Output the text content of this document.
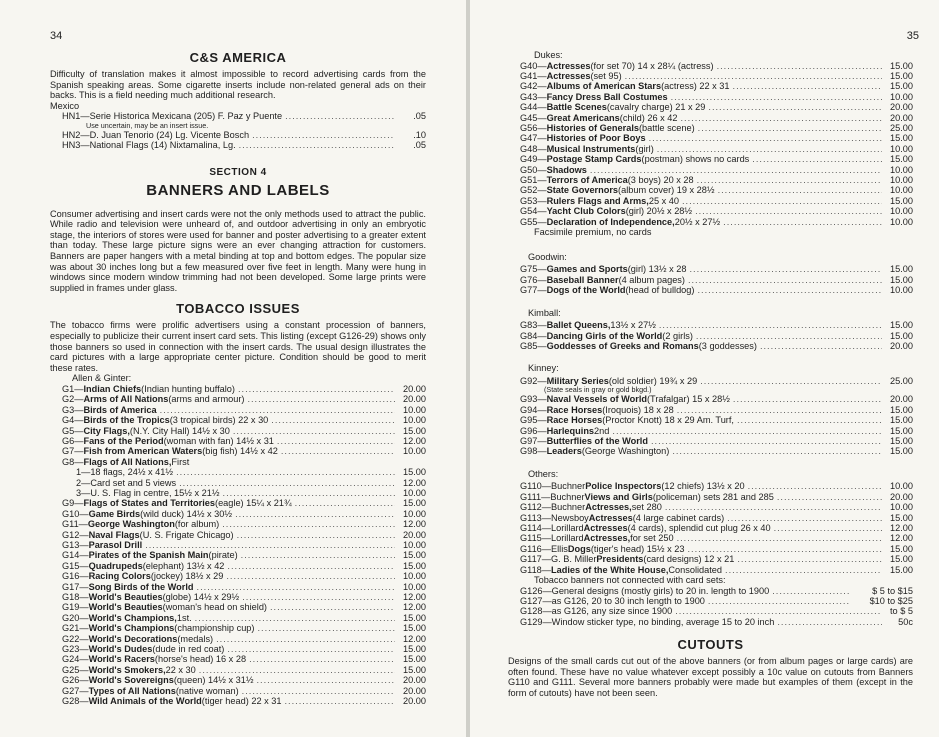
34
C&S AMERICA

Difficulty of translation makes it almost impossible to record advertising cards from the Spanish speaking areas. Some cigarette inserts include non-related general ads on their backs. This is a field needing much additional research.

Mexico
HN1— Serie Historica Mexicana (205) F. Paz y Puente .....	.05
Use uncertain, may be an insert issue.
HN2— D. Juan Tenorio (24) Lg. Vicente Bosch .....	.10
HN3— National Flags (14) Nixtamalina, Lg. .....	.05
SECTION 4
BANNERS AND LABELS

Consumer advertising and insert cards were not the only methods used to attract the public. While radio and television were unheard of, and outdoor advertising in only an embryotic stage, the interiors of stores were used for banner and poster advertising to a greater extent than today. These large picture signs were an ever changing attraction for customers. Banners are paper hangers with a metal binding at top and bottom edges. The popular size was about 30 inches long but a few measured over five feet in length. Many were hung in windows since modern window trimming had not been developed. Some large prints were supplied in frames under glass.

TOBACCO ISSUES

The tobacco firms were prolific advertisers using a constant procession of banners, especially to publicize their current insert card sets. This listing (except G126-29) shows only those banners so used in connection with the insert cards. The usual design illustrates the card pictures with a large appropriate center picture. Condition should be good to merit these rates.

Allen & Ginter:
G1— Indian Chiefs (Indian hunting buffalo) .....	20.00
G2— Arms of All Nations (arms and armour) .....	20.00
G3— Birds of America .....	10.00
G4— Birds of the Tropics (3 tropical birds) 22 x 30 .....	10.00
G5— City Flags, (N.Y. City Hall) 14½ x 30 .....	15.00
G6— Fans of the Period (woman with fan) 14½ x 31 .....	12.00
G7— Fish from American Waters (big fish) 14½ x 42 .....	10.00
G8— Flags of All Nations, First
1— 18 flags, 24½ x 41½ .....	15.00
2— Card set and 5 views .....	12.00
3— U. S. Flag in centre, 15½ x 21½ .....	10.00
G9— Flags of States and Territories (eagle) 15¼ x 21¾ .....	15.00
G10— Game Birds (wild duck) 14½ x 30½ .....	10.00
G11— George Washington (for album) .....	12.00
G12— Naval Flags (U. S. Frigate Chicago) .....	20.00
G13— Parasol Drill .....	10.00
G14— Pirates of the Spanish Main (pirate) .....	15.00
G15— Quadrupeds (elephant) 13½ x 42 .....	15.00
G16— Racing Colors (jockey) 18½ x 29 .....	10.00
G17— Song Birds of the World .....	10.00
G18— World's Beauties (globe) 14½ x 29½ .....	12.00
G19— World's Beauties (woman's head on shield) .....	12.00
G20— World's Champions, 1st. .....	15.00
G21— World's Champions (championship cup) .....	15.00
G22— World's Decorations (medals) .....	12.00
G23— World's Dudes (dude in red coat) .....	15.00
G24— World's Racers (horse's head) 16 x 28 .....	15.00
G25— World's Smokers, 22 x 30 .....	15.00
G26— World's Sovereigns (queen) 14½ x 31½ .....	20.00
G27— Types of All Nations (native woman) .....	20.00
G28— Wild Animals of the World (tiger head) 22 x 31 .....	20.00
35
Dukes:
G40— Actresses (for set 70) 14 x 28¼ (actress) .....	15.00
G41— Actresses (set 95) .....	15.00
G42— Albums of American Stars (actress) 22 x 31 .....	15.00
G43— Fancy Dress Ball Costumes .....	10.00
G44— Battle Scenes (cavalry charge) 21 x 29 .....	20.00
G45— Great Americans (child) 26 x 42 .....	20.00
G56— Histories of Generals (battle scene) .....	25.00
G47— Histories of Poor Boys .....	15.00
G48— Musical Instruments (girl) .....	10.00
G49— Postage Stamp Cards (postman) shows no cards .....	15.00
G50— Shadows .....	10.00
G51— Terrors of America (3 boys) 20 x 28 .....	10.00
G52— State Governors (album cover) 19 x 28½ .....	10.00
G53— Rulers Flags and Arms, 25 x 40 .....	15.00
G54— Yacht Club Colors (girl) 20½ x 28½ .....	10.00
G55— Declaration of Independence, 20½ x 27½ .....	10.00
Facsimile premium, no cards
Goodwin:
G75— Games and Sports (girl) 13½ x 28 .....	15.00
G76— Baseball Banner (4 album pages) .....	15.00
G77— Dogs of the World (head of bulldog) .....	10.00
Kimball:
G83— Ballet Queens, 13½ x 27½ .....	15.00
G84— Dancing Girls of the World (2 girls) .....	15.00
G85— Goddesses of Greeks and Romans (3 goddesses) .....	20.00
Kinney:
G92— Military Series (old soldier) 19¾ x 29 .....	25.00
(State seals in gray or gold bkgd.)
G93— Naval Vessels of World (Trafalgar) 15 x 28½ .....	20.00
G94— Race Horses (Iroquois) 18 x 28 .....	15.00
G95— Race Horses (Proctor Knott) 18 x 29 Am. Turf, .....	15.00
G96— Harlequins 2nd .....	15.00
G97— Butterflies of the World .....	15.00
G98— Leaders (George Washington) .....	15.00
Others:
G110— Buchner Police Inspectors (12 chiefs) 13½ x 20 .....	10.00
G111— Buchner Views and Girls (policeman) sets 281 and 285 .....	20.00
G112— Buchner Actresses, set 280 .....	10.00
G113— Newsboy Actresses (4 large cabinet cards) .....	15.00
G114— Lorillard Actresses (4 cards), splendid cut plug 26 x 40 .....	12.00
G115— Lorillard Actresses, for set 250 .....	12.00
G116— Ellis Dogs (tiger's head) 15½ x 23 .....	15.00
G117— G. B. Miller Presidents (card designs) 12 x 21 .....	15.00
G118— Ladies of the White House, Consolidated .....	15.00
Tobacco banners not connected with card sets:
G126— General designs (mostly girls) to 20 in. length to 1900 .....	$ 5 to $15
G127— as G126, 20 to 30 inch length to 1900 .....	$10 to $25
G128— as G126, any size since 1900 .....	to $ 5
G129— Window sticker type, no binding, average 15 to 20 inch .....	50c
CUTOUTS

Designs of the small cards cut out of the above banners (or from album pages or large cards) are often found. These have no value whatever except possibly a 10c value on cutouts from Banners G110 and G111. Several more banners probably were made but examples of them (except in the form of cutouts) have not been seen.
